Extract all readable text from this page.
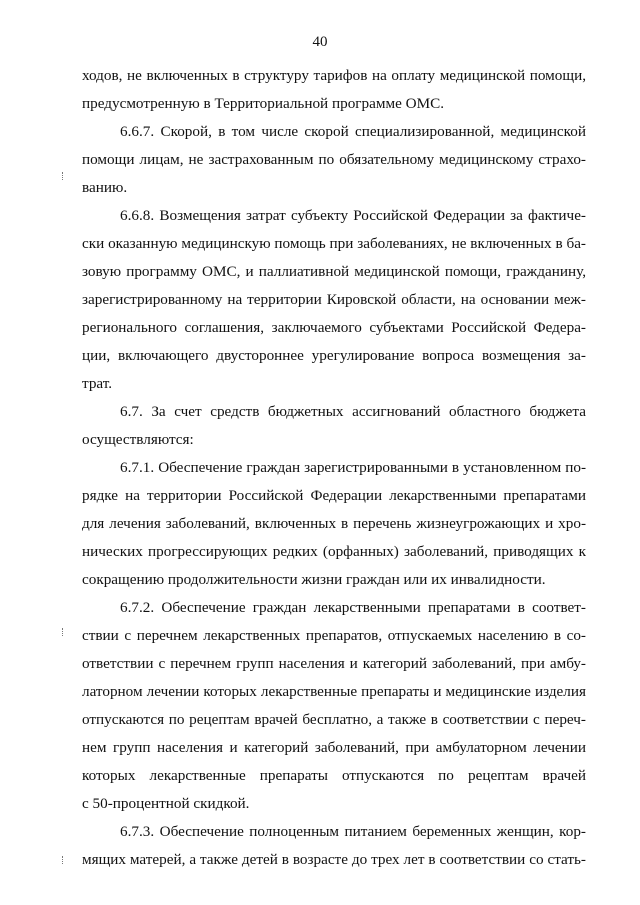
40
ходов, не включенных в структуру тарифов на оплату медицинской помощи,
предусмотренную в Территориальной программе ОМС.
6.6.7. Скорой, в том числе скорой специализированной, медицинской
помощи лицам, не застрахованным по обязательному медицинскому страхо-
ванию.
6.6.8. Возмещения затрат субъекту Российской Федерации за фактиче-
ски оказанную медицинскую помощь при заболеваниях, не включенных в ба-
зовую программу ОМС, и паллиативной медицинской помощи, гражданину,
зарегистрированному на территории Кировской области, на основании меж-
регионального соглашения, заключаемого субъектами Российской Федера-
ции, включающего двустороннее урегулирование вопроса возмещения за-
трат.
6.7. За счет средств бюджетных ассигнований областного бюджета
осуществляются:
6.7.1. Обеспечение граждан зарегистрированными в установленном по-
рядке на территории Российской Федерации лекарственными препаратами
для лечения заболеваний, включенных в перечень жизнеугрожающих и хро-
нических прогрессирующих редких (орфанных) заболеваний, приводящих к
сокращению продолжительности жизни граждан или их инвалидности.
6.7.2. Обеспечение граждан лекарственными препаратами в соответ-
ствии с перечнем лекарственных препаратов, отпускаемых населению в со-
ответствии с перечнем групп населения и категорий заболеваний, при амбу-
латорном лечении которых лекарственные препараты и медицинские изделия
отпускаются по рецептам врачей бесплатно, а также в соответствии с переч-
нем групп населения и категорий заболеваний, при амбулаторном лечении
которых лекарственные препараты отпускаются по рецептам врачей
с 50-процентной скидкой.
6.7.3. Обеспечение полноценным питанием беременных женщин, кор-
мящих матерей, а также детей в возрасте до трех лет в соответствии со стать-
